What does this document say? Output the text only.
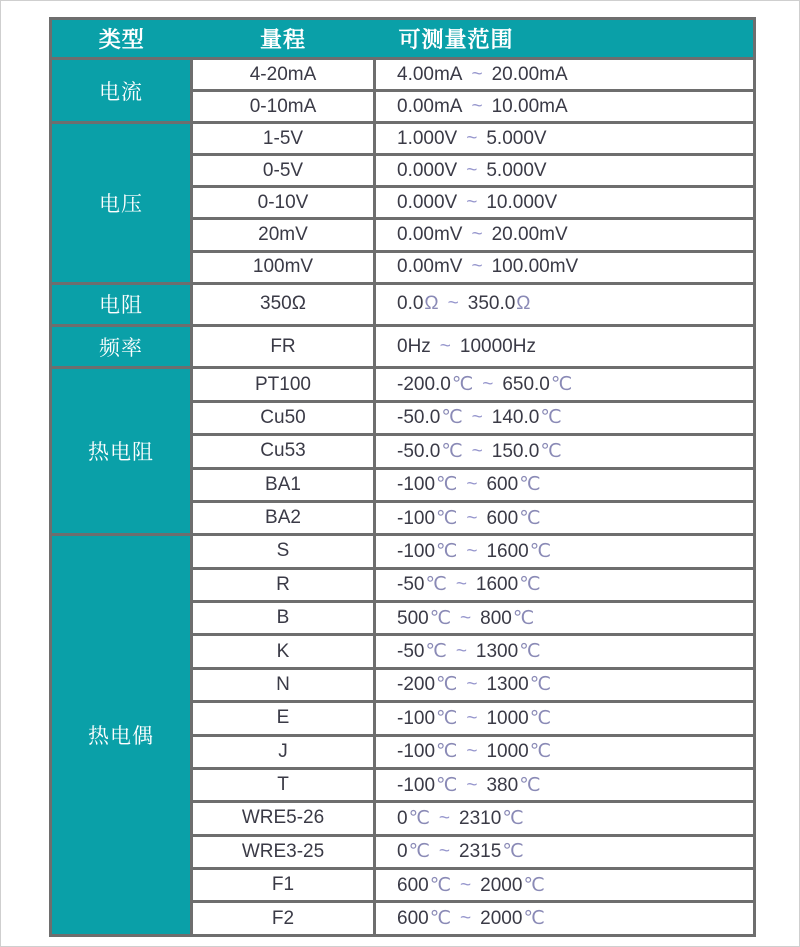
类型	量程	可测量范围
电流	4-20mA	4.00mA ~ 20.00mA
	0-10mA	0.00mA ~ 10.00mA
电压	1-5V	1.000V ~ 5.000V
	0-5V	0.000V ~ 5.000V
	0-10V	0.000V ~ 10.000V
	20mV	0.00mV ~ 20.00mV
	100mV	0.00mV ~ 100.00mV
电阻	350Ω	0.0Ω ~ 350.0Ω
频率	FR	0Hz ~ 10000Hz
热电阻	PT100	-200.0℃ ~ 650.0℃
	Cu50	-50.0℃ ~ 140.0℃
	Cu53	-50.0℃ ~ 150.0℃
	BA1	-100℃ ~ 600℃
	BA2	-100℃ ~ 600℃
热电偶	S	-100℃ ~ 1600℃
	R	-50℃ ~ 1600℃
	B	500℃ ~ 800℃
	K	-50℃ ~ 1300℃
	N	-200℃ ~ 1300℃
	E	-100℃ ~ 1000℃
	J	-100℃ ~ 1000℃
	T	-100℃ ~ 380℃
	WRE5-26	0℃ ~ 2310℃
	WRE3-25	0℃ ~ 2315℃
	F1	600℃ ~ 2000℃
	F2	600℃ ~ 2000℃
